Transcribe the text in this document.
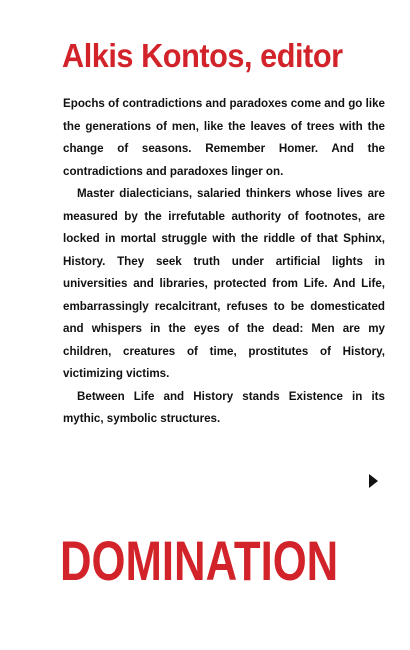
Alkis Kontos, editor

Epochs of contradictions and paradoxes come and go like the generations of men, like the leaves of trees with the change of seasons. Remember Homer. And the contradictions and paradoxes linger on.

Master dialecticians, salaried thinkers whose lives are measured by the irrefutable authority of footnotes, are locked in mortal struggle with the riddle of that Sphinx, History. They seek truth under artificial lights in universities and libraries, protected from Life. And Life, embarrassingly recalcitrant, refuses to be domesticated and whispers in the eyes of the dead: Men are my children, creatures of time, prostitutes of History, victimizing victims.

Between Life and History stands Existence in its mythic, symbolic structures.

DOMINATION
